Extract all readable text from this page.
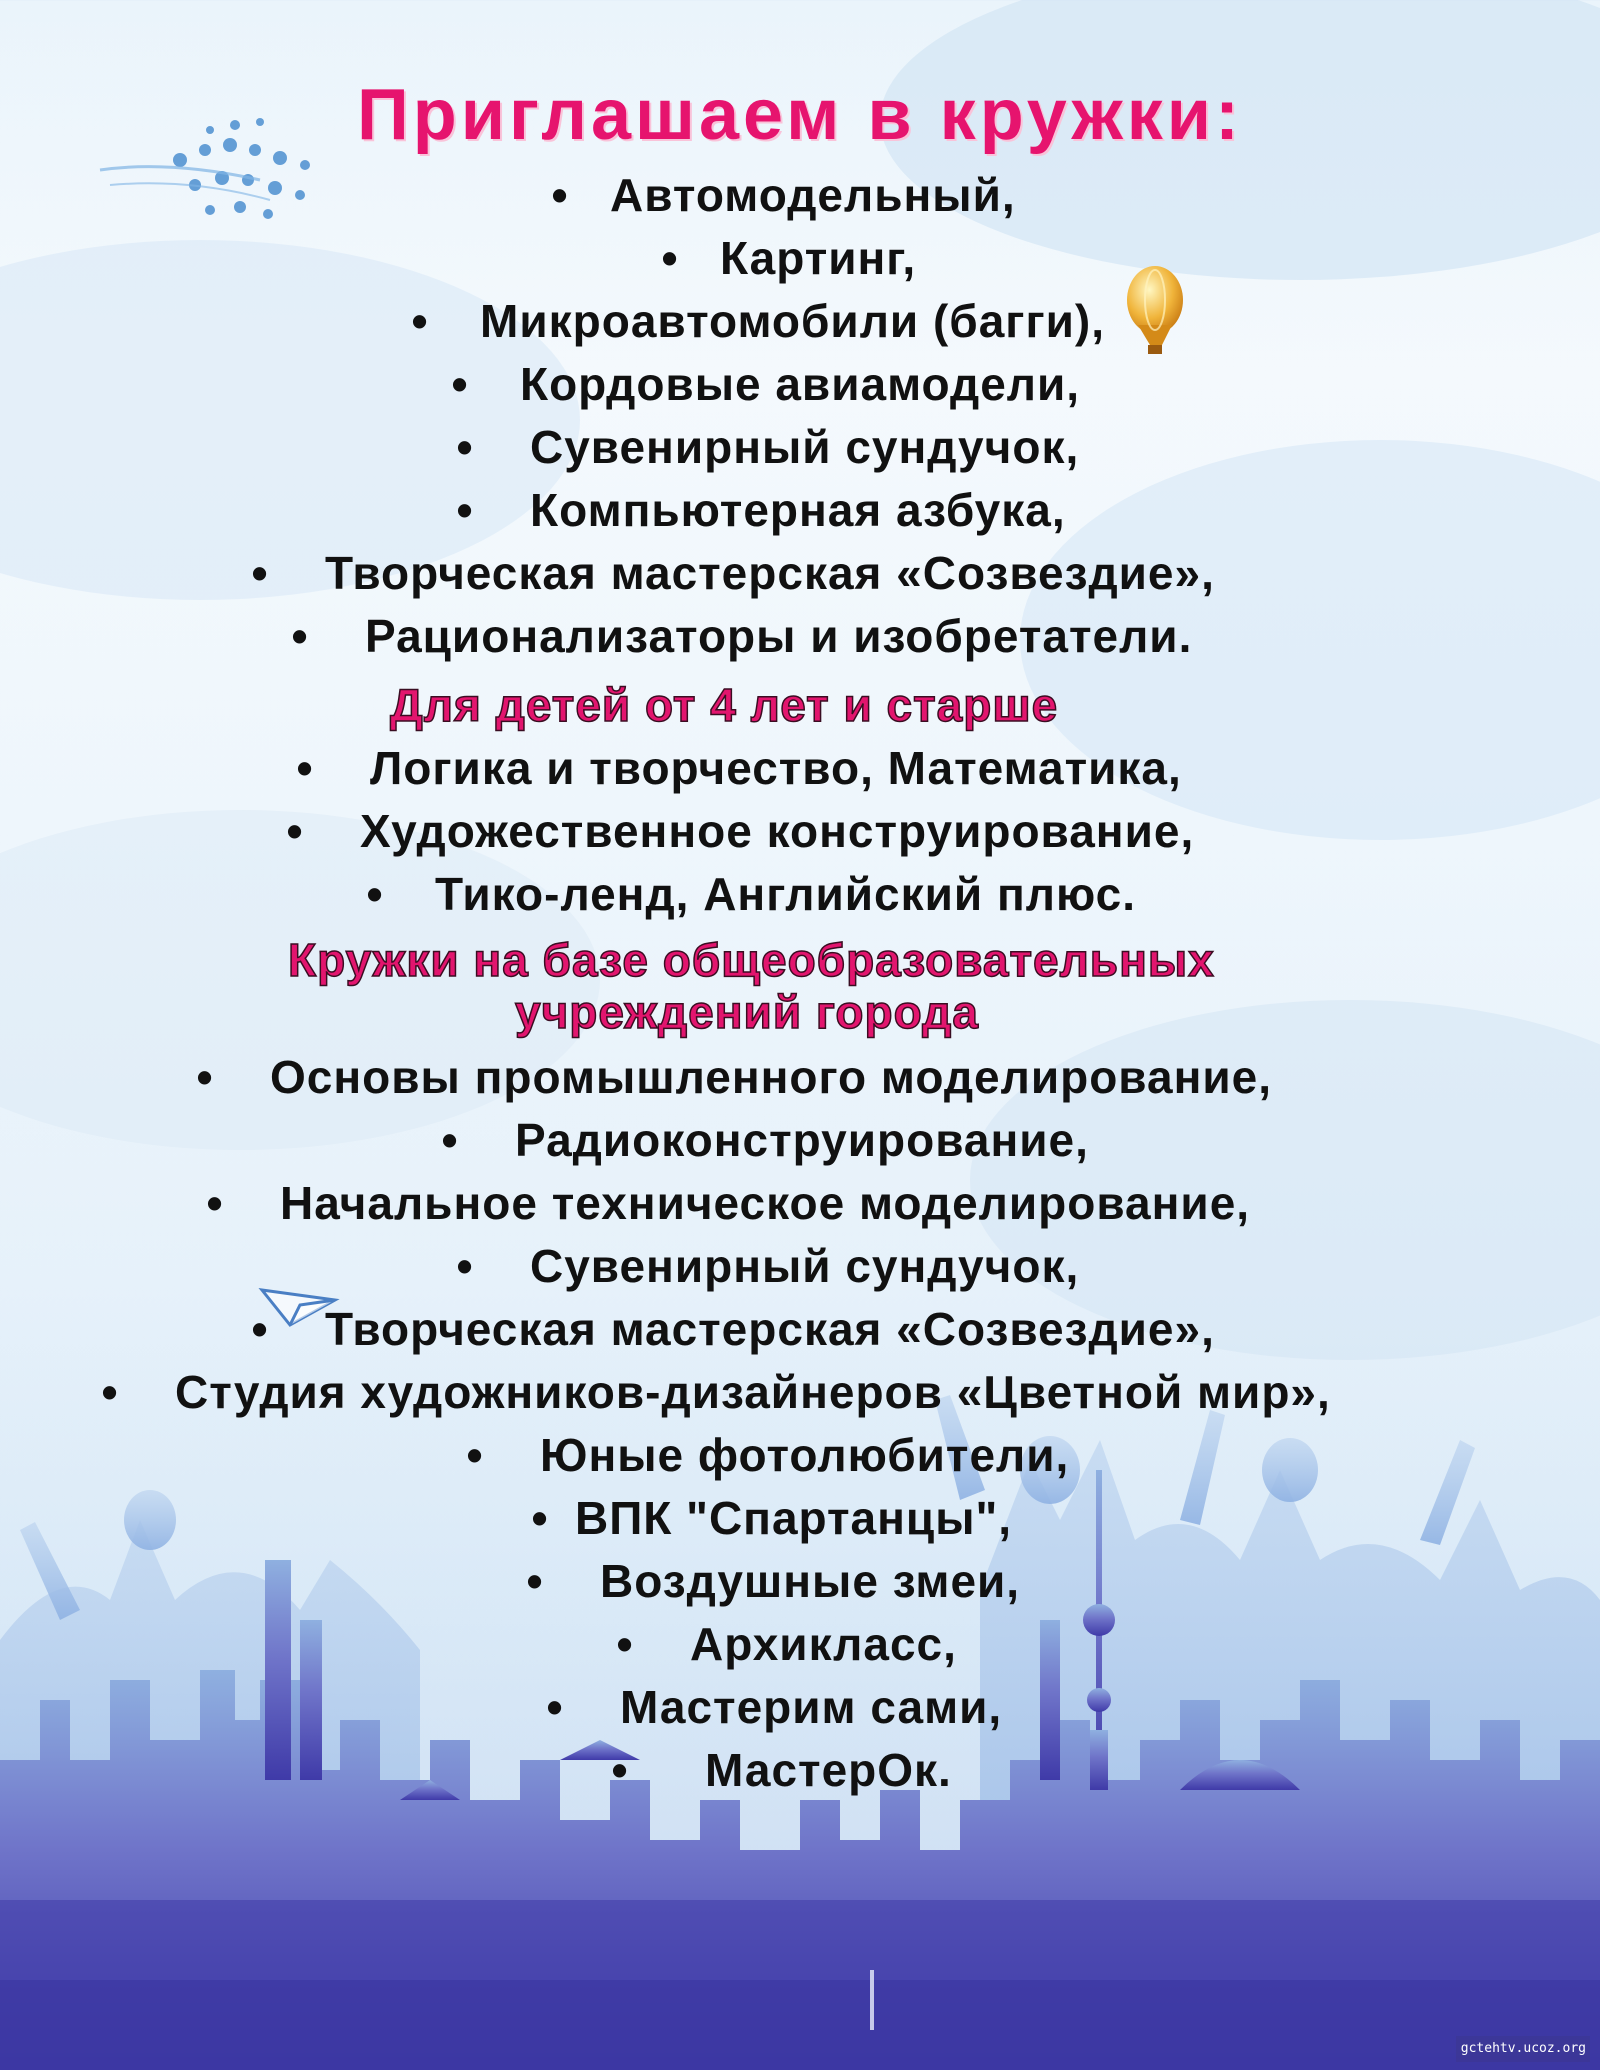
Приглашаем в кружки:
• Автомодельный,
• Картинг,
• Микроавтомобили (багги),
• Кордовые авиамодели,
• Сувенирный сундучок,
• Компьютерная азбука,
• Творческая мастерская «Созвездие»,
• Рационализаторы и изобретатели.
Для детей от 4 лет и старше
• Логика и творчество, Математика,
• Художественное конструирование,
• Тико-ленд, Английский плюс.
Кружки на базе общеобразовательных
учреждений города
• Основы промышленного моделирование,
• Радиоконструирование,
• Начальное техническое моделирование,
• Сувенирный сундучок,
• Творческая мастерская «Созвездие»,
• Студия художников-дизайнеров «Цветной мир»,
• Юные фотолюбители,
• ВПК "Спартанцы",
• Воздушные змеи,
• Архикласс,
• Мастерим сами,
• МастерОк.
gctehtv.ucoz.org
